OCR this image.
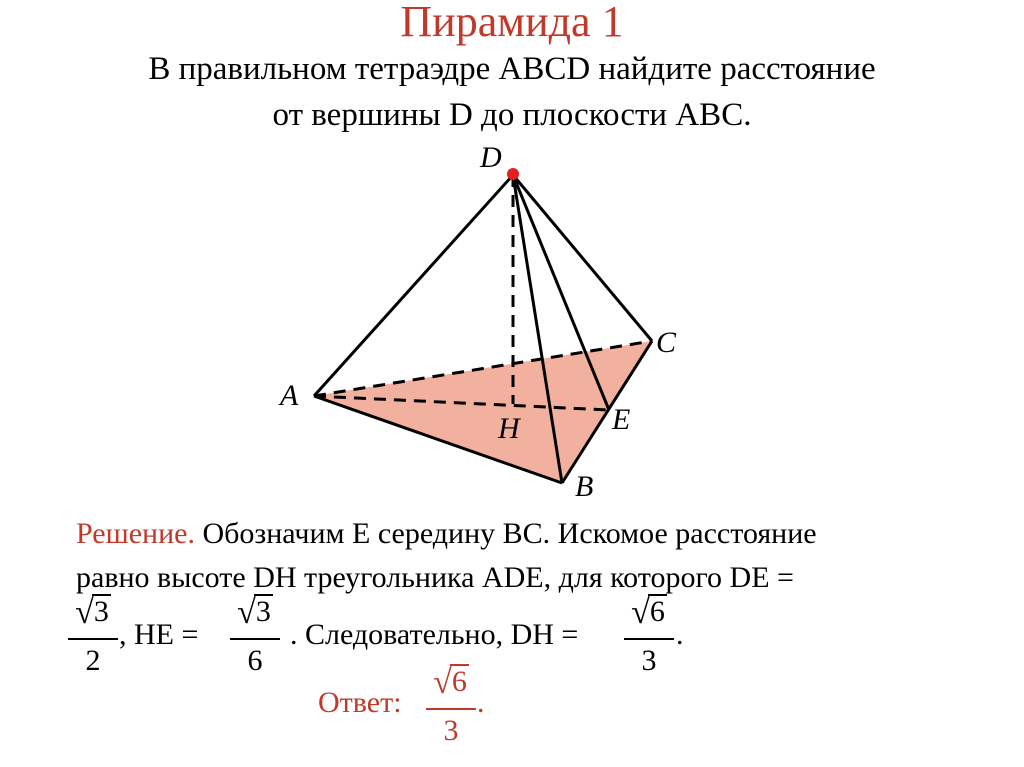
Пирамида 1
В правильном тетраэдре ABCD найдите расстояние
от вершины D до плоскости ABC.
D
C
A
H	E
B
Решение. Обозначим E середину BC. Искомое расстояние
равно высоте DH треугольника ADE, для которого DE =
√3
2
, HE =
√3
6
. Следовательно, DH =
√6
3
.
Ответ:
√6
3
.
